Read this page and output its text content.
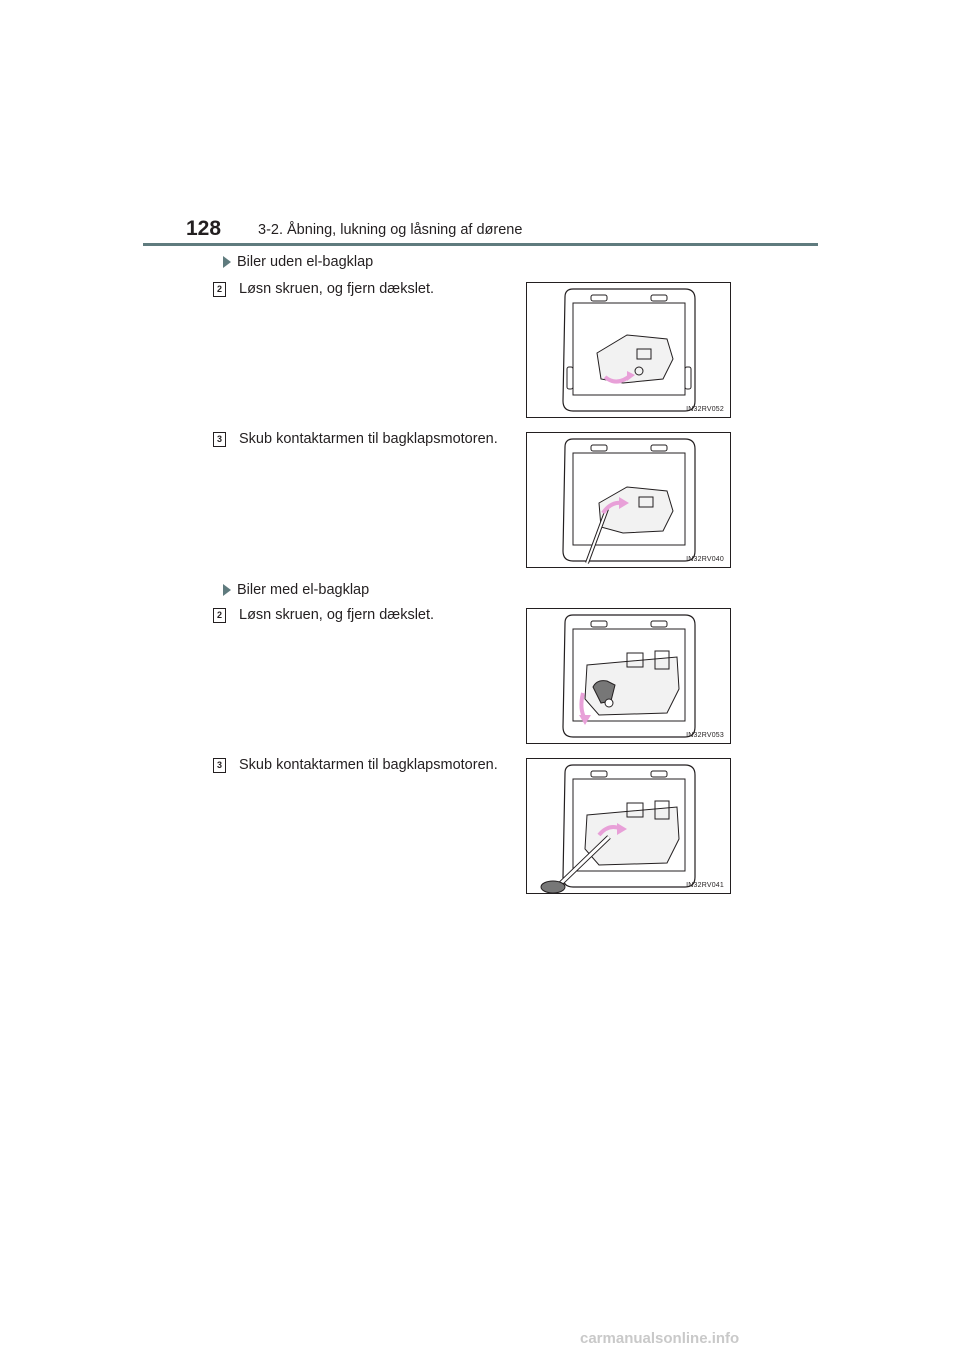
128	3-2. Åbning, lukning og låsning af dørene
Biler uden el-bagklap
2 Løsn skruen, og fjern dækslet.
IN32RV052
3 Skub kontaktarmen til bagklapsmotoren.
IN32RV040
Biler med el-bagklap
2 Løsn skruen, og fjern dækslet.
IN32RV053
3 Skub kontaktarmen til bagklapsmotoren.
IN32RV041
carmanualsonline.info
